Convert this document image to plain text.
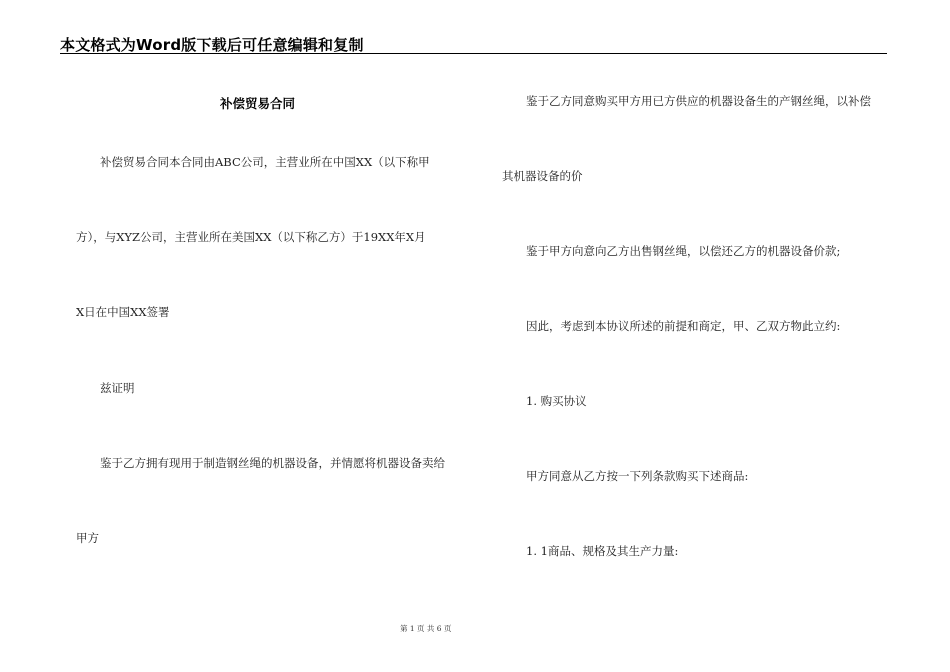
本文格式为Word版下载后可任意编辑和复制
补偿贸易合同
补偿贸易合同本合同由ABC公司，主营业所在中国XX（以下称甲
方），与XYZ公司，主营业所在美国XX（以下称乙方）于19XX年X月
X日在中国XX签署
兹证明
鉴于乙方拥有现用于制造钢丝绳的机器设备，并情愿将机器设备卖给
甲方
鉴于乙方同意购买甲方用已方供应的机器设备生的产钢丝绳，以补偿
其机器设备的价
鉴于甲方向意向乙方出售钢丝绳，以偿还乙方的机器设备价款;
因此，考虑到本协议所述的前提和商定，甲、乙双方物此立约:
1. 购买协议
甲方同意从乙方按一下列条款购买下述商品:
1. 1商品、规格及其生产力量:
第 1 页 共 6 页
